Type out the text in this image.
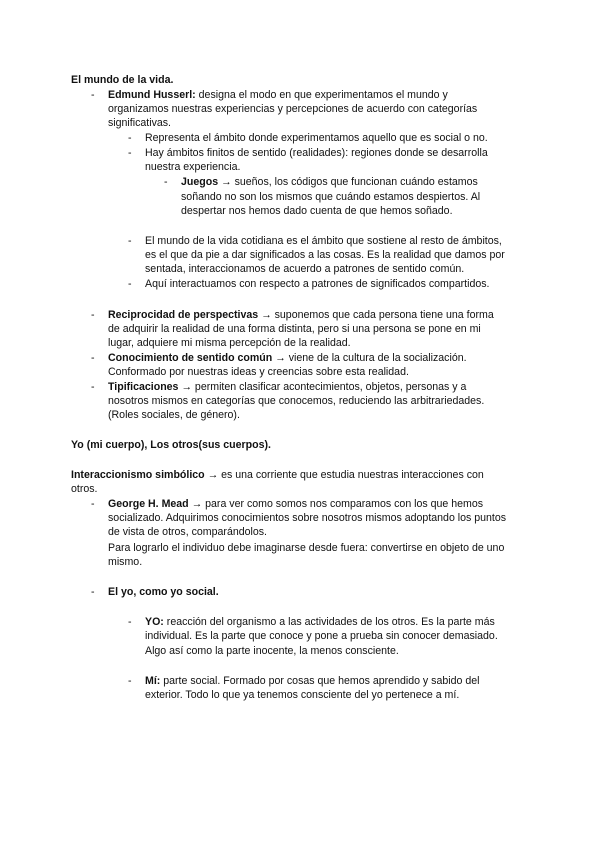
El mundo de la vida.
- Edmund Husserl: designa el modo en que experimentamos el mundo y
organizamos nuestras experiencias y percepciones de acuerdo con categorías
significativas.
- Representa el ámbito donde experimentamos aquello que es social o no.
- Hay ámbitos finitos de sentido (realidades): regiones donde se desarrolla
nuestra experiencia.
- Juegos → sueños, los códigos que funcionan cuándo estamos
soñando no son los mismos que cuándo estamos despiertos. Al
despertar nos hemos dado cuenta de que hemos soñado.
- El mundo de la vida cotidiana es el ámbito que sostiene al resto de ámbitos,
es el que da pie a dar significados a las cosas. Es la realidad que damos por
sentada, interaccionamos de acuerdo a patrones de sentido común.
- Aquí interactuamos con respecto a patrones de significados compartidos.
- Reciprocidad de perspectivas → suponemos que cada persona tiene una forma
de adquirir la realidad de una forma distinta, pero si una persona se pone en mi
lugar, adquiere mi misma percepción de la realidad.
- Conocimiento de sentido común → viene de la cultura de la socialización.
Conformado por nuestras ideas y creencias sobre esta realidad.
- Tipificaciones → permiten clasificar acontecimientos, objetos, personas y a
nosotros mismos en categorías que conocemos, reduciendo las arbitrariedades.
(Roles sociales, de género).
Yo (mi cuerpo), Los otros(sus cuerpos).
Interaccionismo simbólico → es una corriente que estudia nuestras interacciones con
otros.
- George H. Mead → para ver como somos nos comparamos con los que hemos
socializado. Adquirimos conocimientos sobre nosotros mismos adoptando los puntos
de vista de otros, comparándolos.
Para lograrlo el individuo debe imaginarse desde fuera: convertirse en objeto de uno
mismo.
- El yo, como yo social.
- YO: reacción del organismo a las actividades de los otros. Es la parte más
individual. Es la parte que conoce y pone a prueba sin conocer demasiado.
Algo así como la parte inocente, la menos consciente.
- Mí: parte social. Formado por cosas que hemos aprendido y sabido del
exterior. Todo lo que ya tenemos consciente del yo pertenece a mí.
